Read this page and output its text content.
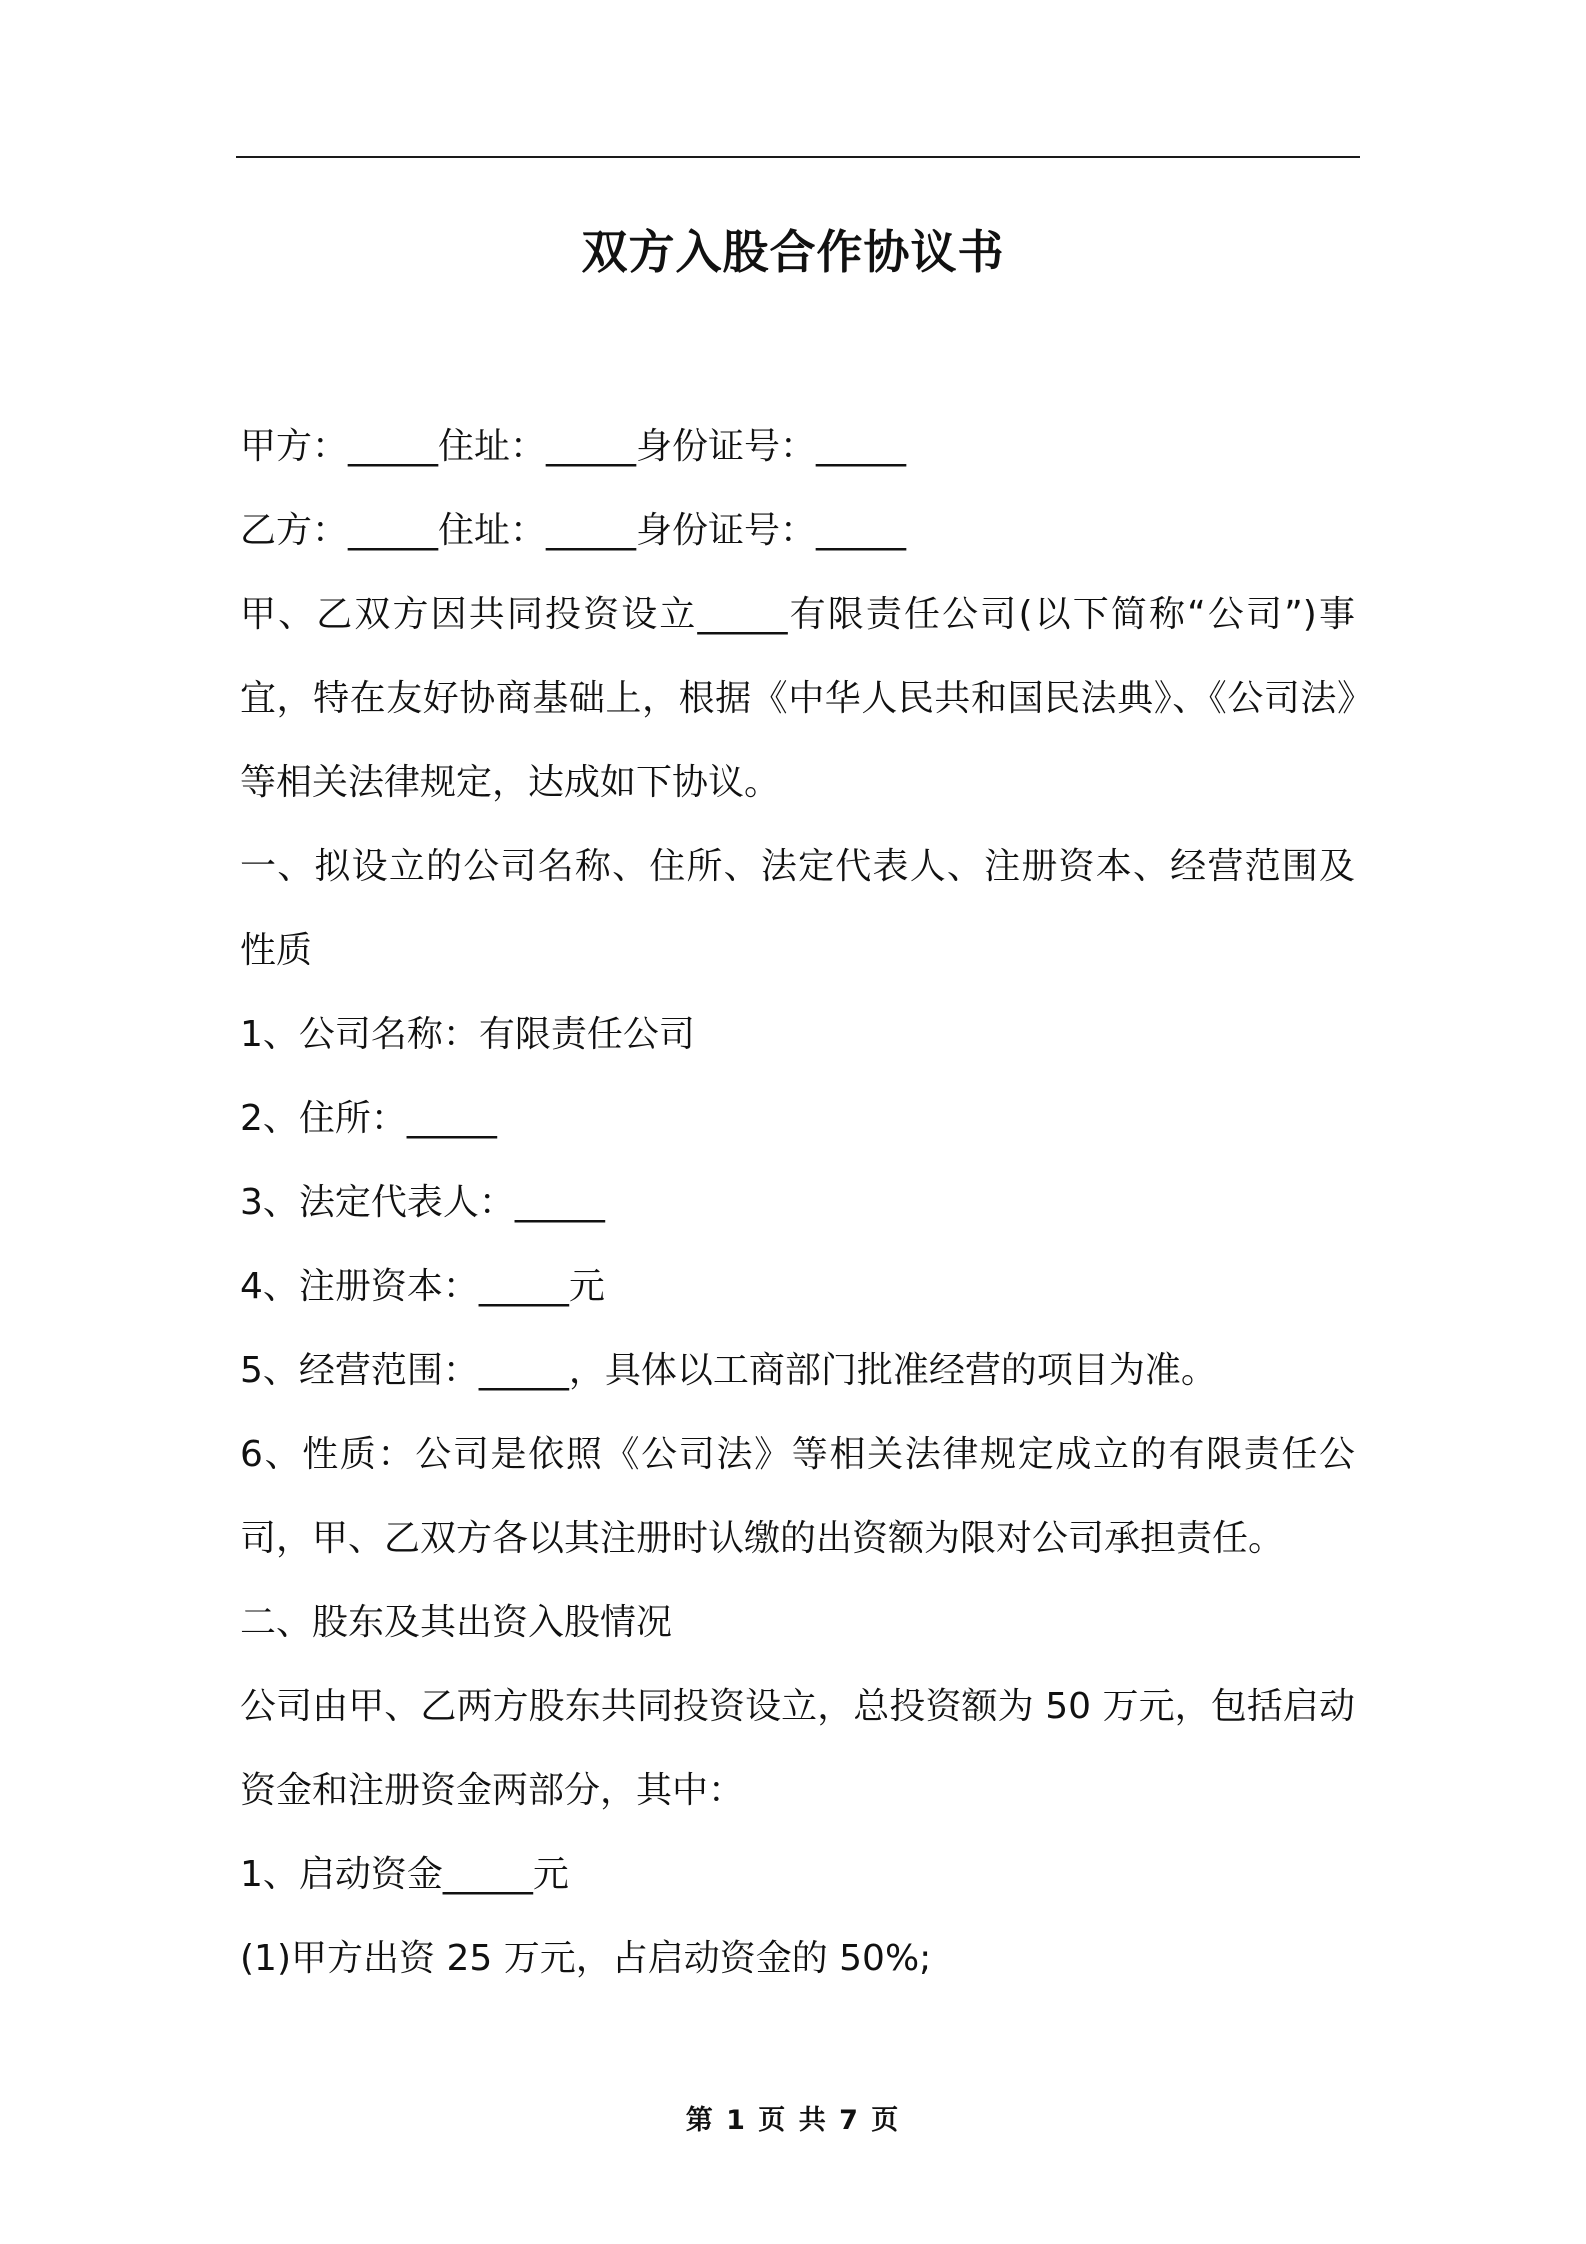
双方入股合作协议书

甲方：_____住址：_____身份证号：_____

乙方：_____住址：_____身份证号：_____

甲、乙双方因共同投资设立_____有限责任公司(以下简称“公司”)事宜，特在友好协商基础上，根据《中华人民共和国民法典》、《公司法》等相关法律规定，达成如下协议。

一、拟设立的公司名称、住所、法定代表人、注册资本、经营范围及性质

1、公司名称：有限责任公司

2、住所：_____

3、法定代表人：_____

4、注册资本：_____元

5、经营范围：_____，具体以工商部门批准经营的项目为准。

6、性质：公司是依照《公司法》等相关法律规定成立的有限责任公司，甲、乙双方各以其注册时认缴的出资额为限对公司承担责任。

二、股东及其出资入股情况

公司由甲、乙两方股东共同投资设立，总投资额为 50 万元，包括启动资金和注册资金两部分，其中：

1、启动资金_____元

(1)甲方出资 25 万元，占启动资金的 50%;

第 1 页 共 7 页
